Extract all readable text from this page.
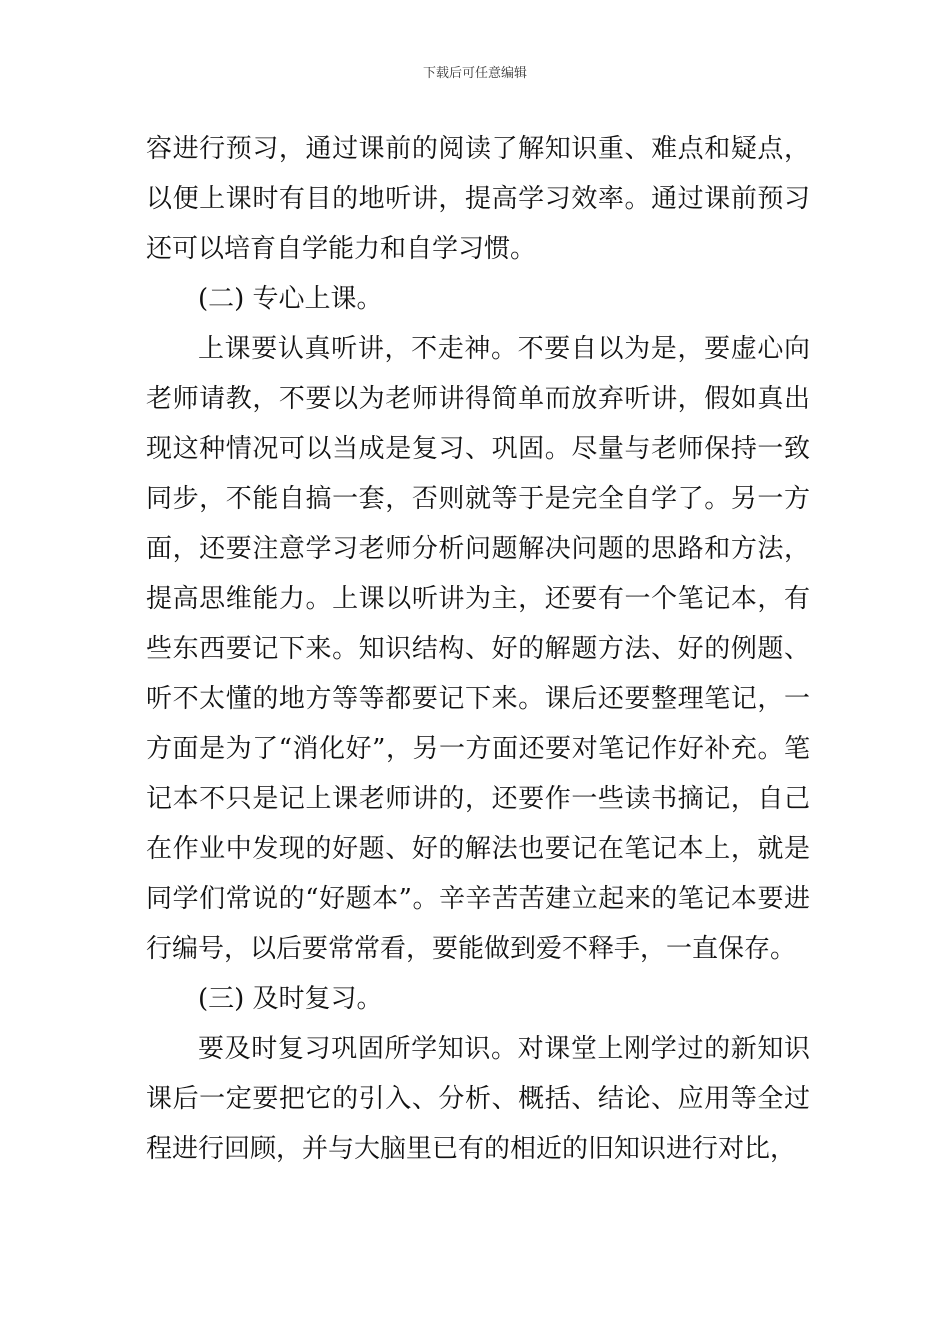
下载后可任意编辑

容进行预习，通过课前的阅读了解知识重、难点和疑点，以便上课时有目的地听讲，提高学习效率。通过课前预习还可以培育自学能力和自学习惯。

(二) 专心上课。

上课要认真听讲，不走神。不要自以为是，要虚心向老师请教，不要以为老师讲得简单而放弃听讲，假如真出现这种情况可以当成是复习、巩固。尽量与老师保持一致同步，不能自搞一套，否则就等于是完全自学了。另一方面，还要注意学习老师分析问题解决问题的思路和方法，提高思维能力。上课以听讲为主，还要有一个笔记本，有些东西要记下来。知识结构、好的解题方法、好的例题、听不太懂的地方等等都要记下来。课后还要整理笔记，一方面是为了“消化好”，另一方面还要对笔记作好补充。笔记本不只是记上课老师讲的，还要作一些读书摘记，自己在作业中发现的好题、好的解法也要记在笔记本上，就是同学们常说的“好题本”。辛辛苦苦建立起来的笔记本要进行编号，以后要常常看，要能做到爱不释手，一直保存。

(三) 及时复习。

要及时复习巩固所学知识。对课堂上刚学过的新知识课后一定要把它的引入、分析、概括、结论、应用等全过程进行回顾，并与大脑里已有的相近的旧知识进行对比，
